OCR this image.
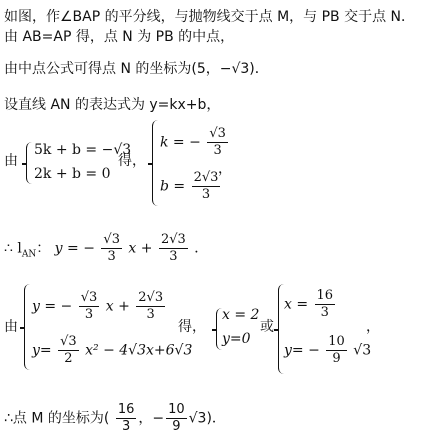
如图，作∠BAP 的平分线，与抛物线交于点 M，与 PB 交于点 N．
由 AB=AP 得，点 N 为 PB 的中点，
由中点公式可得点 N 的坐标为(5，−√3)．
设直线 AN 的表达式为 y=kx+b，
由
5k + b = −√3
2k + b = 0
得，
k = − $\frac{√3}{3}$
$b = \frac{2√3}{3}$
，
∴ $l_{AN}$： y = − $\frac{√3}{3}$ $x + \frac{2√3}{3}$ ．
由
y = − $\frac{√3}{3}$ $x + \frac{2√3}{3}$
$y= \frac{√3}{2} x^2 - 4√3x+6√3$
得，
x = 2
y=0
或
$x = \frac{16}{3}$
$y= - \frac{10}{9} √3$
，
∴点 M 的坐标为( $\frac{16}{3}$ ，− $\frac{10}{9} √3$)．
